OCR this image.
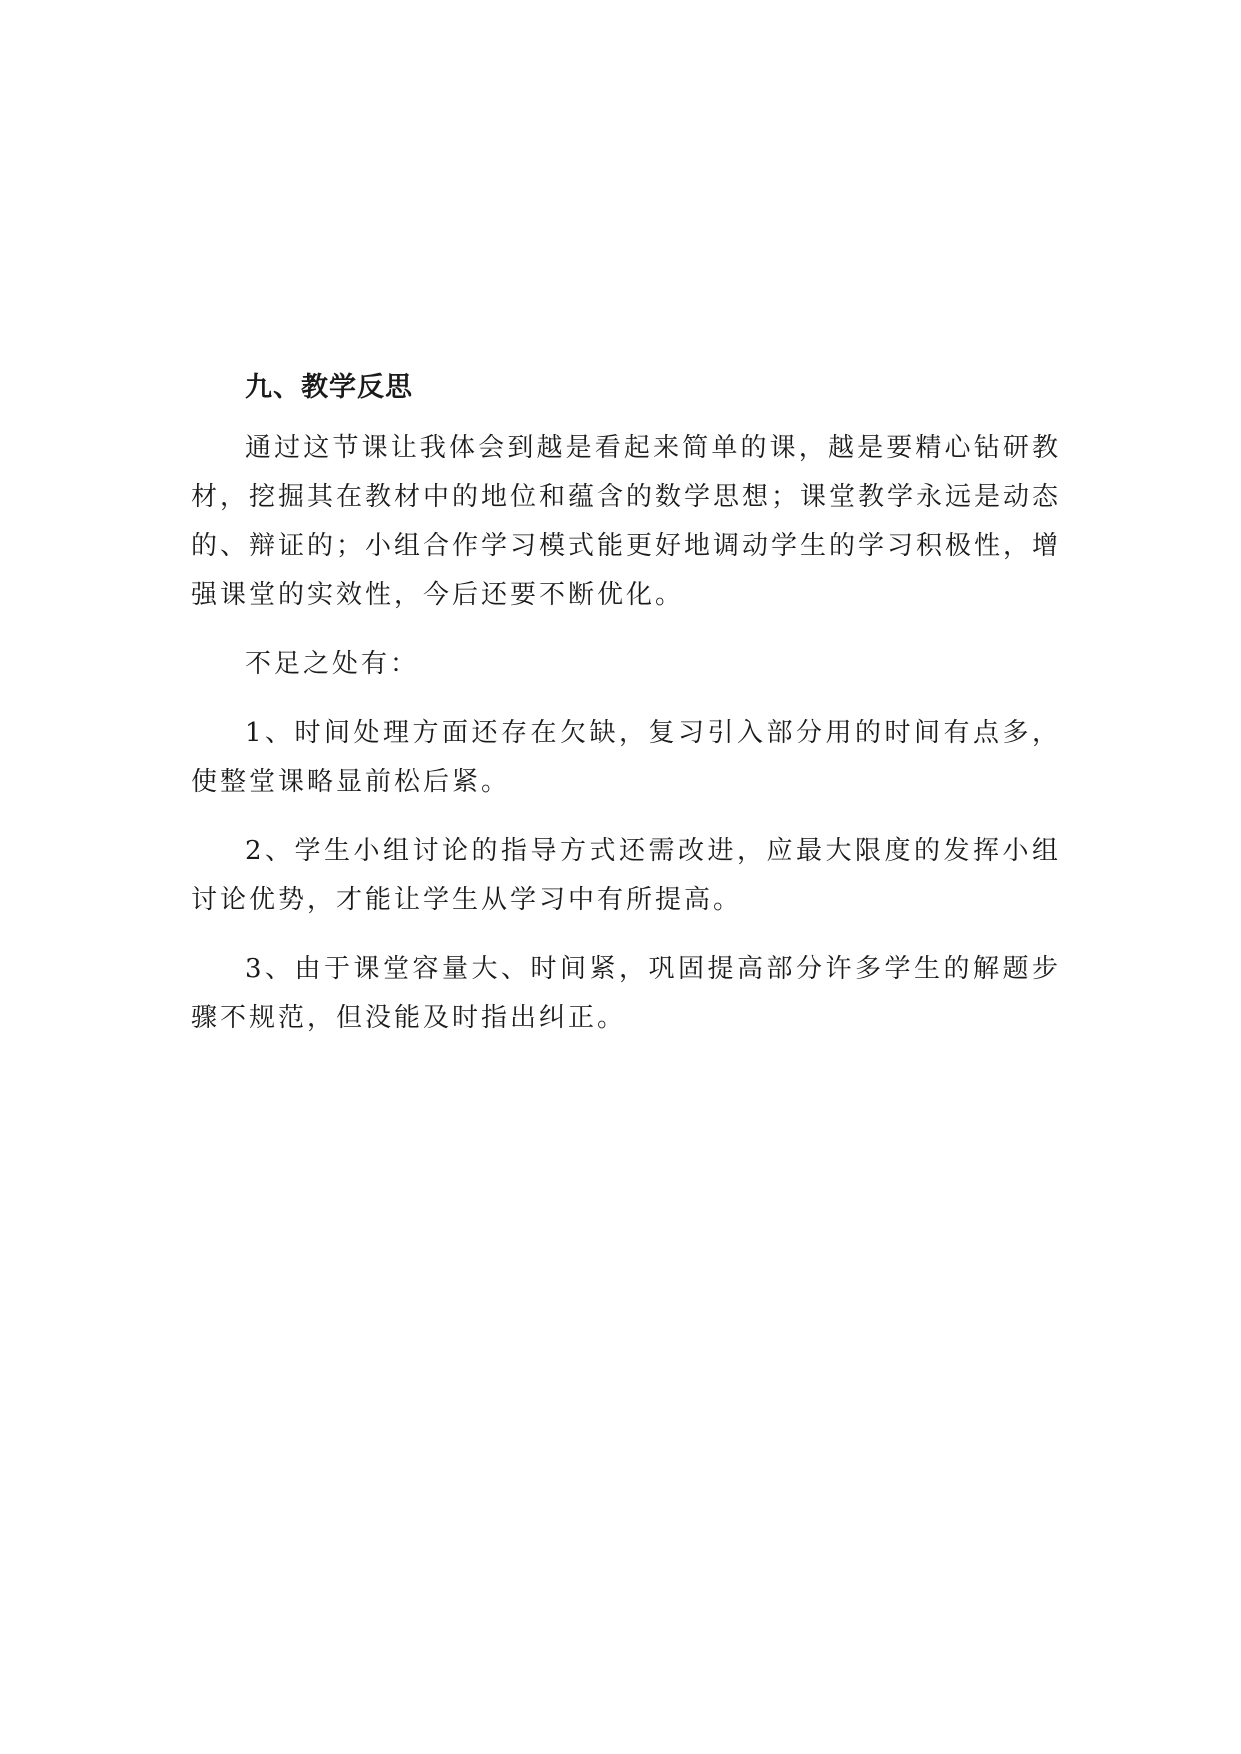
九、教学反思

通过这节课让我体会到越是看起来简单的课，越是要精心钻研教材，挖掘其在教材中的地位和蕴含的数学思想；课堂教学永远是动态的、辩证的；小组合作学习模式能更好地调动学生的学习积极性，增强课堂的实效性，今后还要不断优化。

不足之处有：

1、时间处理方面还存在欠缺，复习引入部分用的时间有点多，使整堂课略显前松后紧。

2、学生小组讨论的指导方式还需改进，应最大限度的发挥小组讨论优势，才能让学生从学习中有所提高。

3、由于课堂容量大、时间紧，巩固提高部分许多学生的解题步骤不规范，但没能及时指出纠正。
